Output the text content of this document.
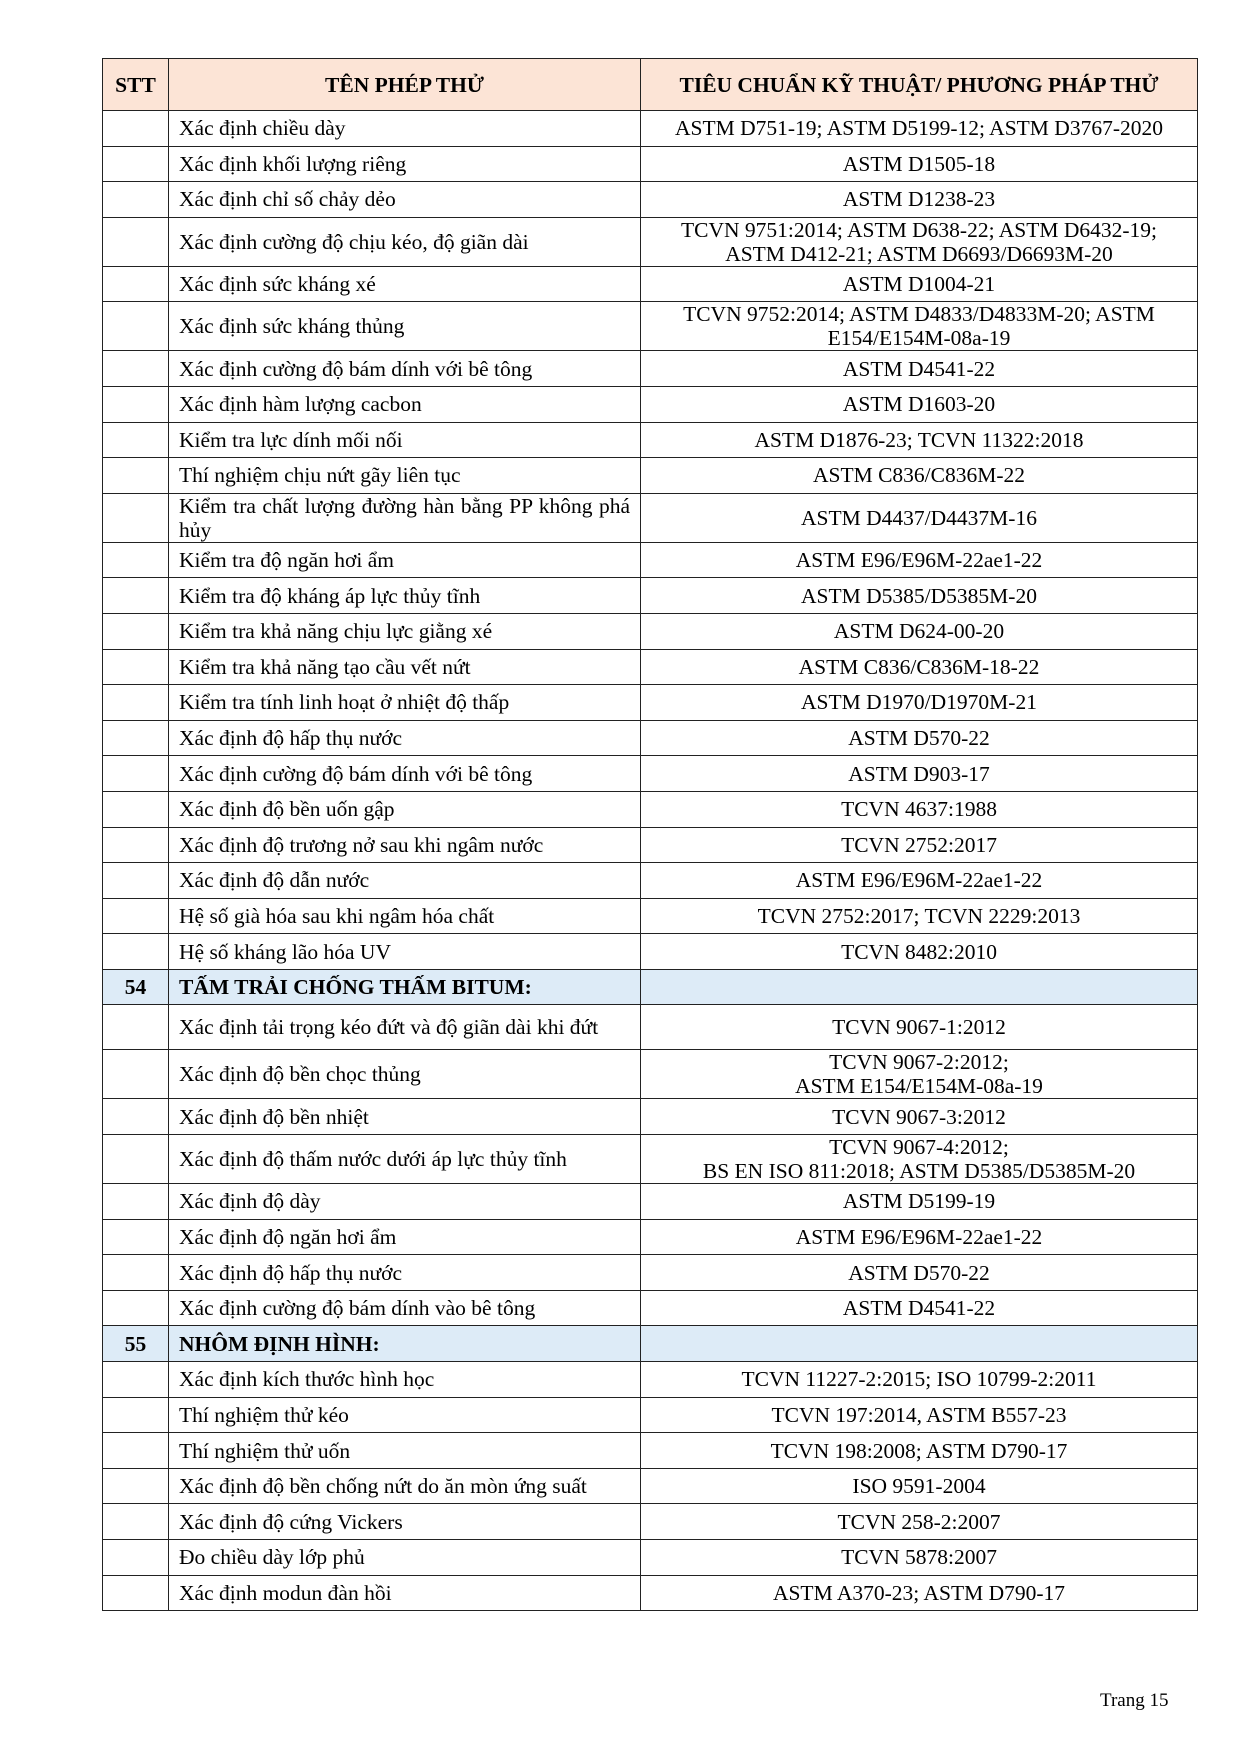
STT	TÊN PHÉP THỬ	TIÊU CHUẨN KỸ THUẬT/ PHƯƠNG PHÁP THỬ
	Xác định chiều dày	ASTM D751-19; ASTM D5199-12; ASTM D3767-2020
	Xác định khối lượng riêng	ASTM D1505-18
	Xác định chỉ số chảy dẻo	ASTM D1238-23
	Xác định cường độ chịu kéo, độ giãn dài	TCVN 9751:2014; ASTM D638-22; ASTM D6432-19;
ASTM D412-21; ASTM D6693/D6693M-20
	Xác định sức kháng xé	ASTM D1004-21
	Xác định sức kháng thủng	TCVN 9752:2014; ASTM D4833/D4833M-20; ASTM
E154/E154M-08a-19
	Xác định cường độ bám dính với bê tông	ASTM D4541-22
	Xác định hàm lượng cacbon	ASTM D1603-20
	Kiểm tra lực dính mối nối	ASTM D1876-23; TCVN 11322:2018
	Thí nghiệm chịu nứt gãy liên tục	ASTM C836/C836M-22
	Kiểm tra chất lượng đường hàn bằng PP không phá hủy	ASTM D4437/D4437M-16
	Kiểm tra độ ngăn hơi ẩm	ASTM E96/E96M-22ae1-22
	Kiểm tra độ kháng áp lực thủy tĩnh	ASTM D5385/D5385M-20
	Kiểm tra khả năng chịu lực giằng xé	ASTM D624-00-20
	Kiểm tra khả năng tạo cầu vết nứt	ASTM C836/C836M-18-22
	Kiểm tra tính linh hoạt ở nhiệt độ thấp	ASTM D1970/D1970M-21
	Xác định độ hấp thụ nước	ASTM D570-22
	Xác định cường độ bám dính với bê tông	ASTM D903-17
	Xác định độ bền uốn gập	TCVN 4637:1988
	Xác định độ trương nở sau khi ngâm nước	TCVN 2752:2017
	Xác định độ dẫn nước	ASTM E96/E96M-22ae1-22
	Hệ số già hóa sau khi ngâm hóa chất	TCVN 2752:2017; TCVN 2229:2013
	Hệ số kháng lão hóa UV	TCVN 8482:2010
54	TẤM TRẢI CHỐNG THẤM BITUM:	
	Xác định tải trọng kéo đứt và độ giãn dài khi đứt	TCVN 9067-1:2012
	Xác định độ bền chọc thủng	TCVN 9067-2:2012;
ASTM E154/E154M-08a-19
	Xác định độ bền nhiệt	TCVN 9067-3:2012
	Xác định độ thấm nước dưới áp lực thủy tĩnh	TCVN 9067-4:2012;
BS EN ISO 811:2018; ASTM D5385/D5385M-20
	Xác định độ dày	ASTM D5199-19
	Xác định độ ngăn hơi ẩm	ASTM E96/E96M-22ae1-22
	Xác định độ hấp thụ nước	ASTM D570-22
	Xác định cường độ bám dính vào bê tông	ASTM D4541-22
55	NHÔM ĐỊNH HÌNH:	
	Xác định kích thước hình học	TCVN 11227-2:2015; ISO 10799-2:2011
	Thí nghiệm thử kéo	TCVN 197:2014, ASTM B557-23
	Thí nghiệm thử uốn	TCVN 198:2008; ASTM D790-17
	Xác định độ bền chống nứt do ăn mòn ứng suất	ISO 9591-2004
	Xác định độ cứng Vickers	TCVN 258-2:2007
	Đo chiều dày lớp phủ	TCVN 5878:2007
	Xác định modun đàn hồi	ASTM A370-23; ASTM D790-17
Trang 15
